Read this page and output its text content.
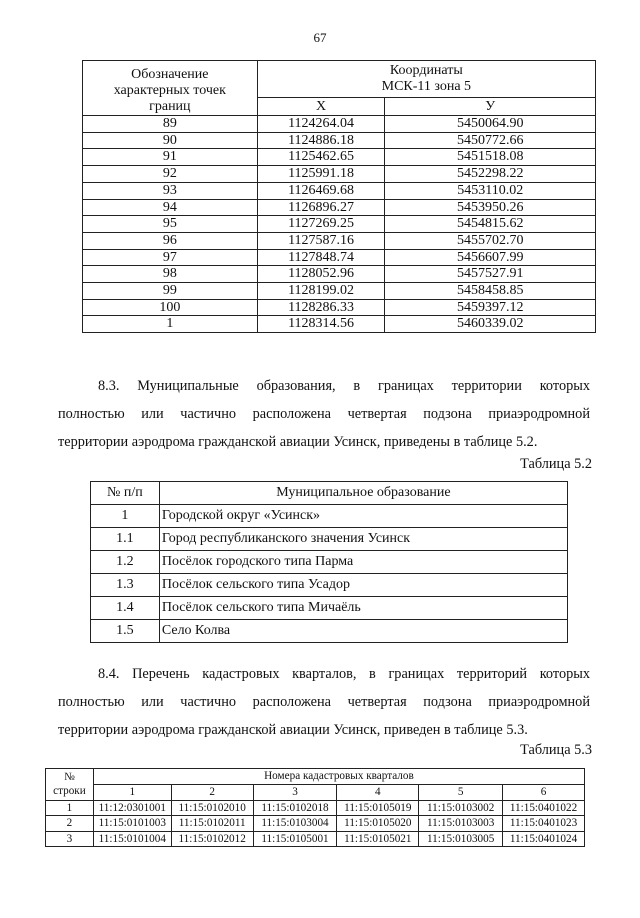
67
Обозначение
характерных точек
границ	Координаты
МСК-11 зона 5	
	Х	У
89	1124264.04	5450064.90
90	1124886.18	5450772.66
91	1125462.65	5451518.08
92	1125991.18	5452298.22
93	1126469.68	5453110.02
94	1126896.27	5453950.26
95	1127269.25	5454815.62
96	1127587.16	5455702.70
97	1127848.74	5456607.99
98	1128052.96	5457527.91
99	1128199.02	5458458.85
100	1128286.33	5459397.12
1	1128314.56	5460339.02
8.3. Муниципальные образования, в границах территории которых
полностью или частично расположена четвертая подзона приаэродромной
территории аэродрома гражданской авиации Усинск, приведены в таблице 5.2.
Таблица 5.2
№ п/п	Муниципальное образование
1	Городской округ «Усинск»
1.1	Город республиканского значения Усинск
1.2	Посёлок городского типа Парма
1.3	Посёлок сельского типа Усадор
1.4	Посёлок сельского типа Мичаёль
1.5	Село Колва
8.4. Перечень кадастровых кварталов, в границах территорий которых
полностью или частично расположена четвертая подзона приаэродромной
территории аэродрома гражданской авиации Усинск, приведен в таблице 5.3.
Таблица 5.3
№
строки	Номера кадастровых кварталов					
	1	2	3	4	5	6
1	11:12:0301001	11:15:0102010	11:15:0102018	11:15:0105019	11:15:0103002	11:15:0401022
2	11:15:0101003	11:15:0102011	11:15:0103004	11:15:0105020	11:15:0103003	11:15:0401023
3	11:15:0101004	11:15:0102012	11:15:0105001	11:15:0105021	11:15:0103005	11:15:0401024
